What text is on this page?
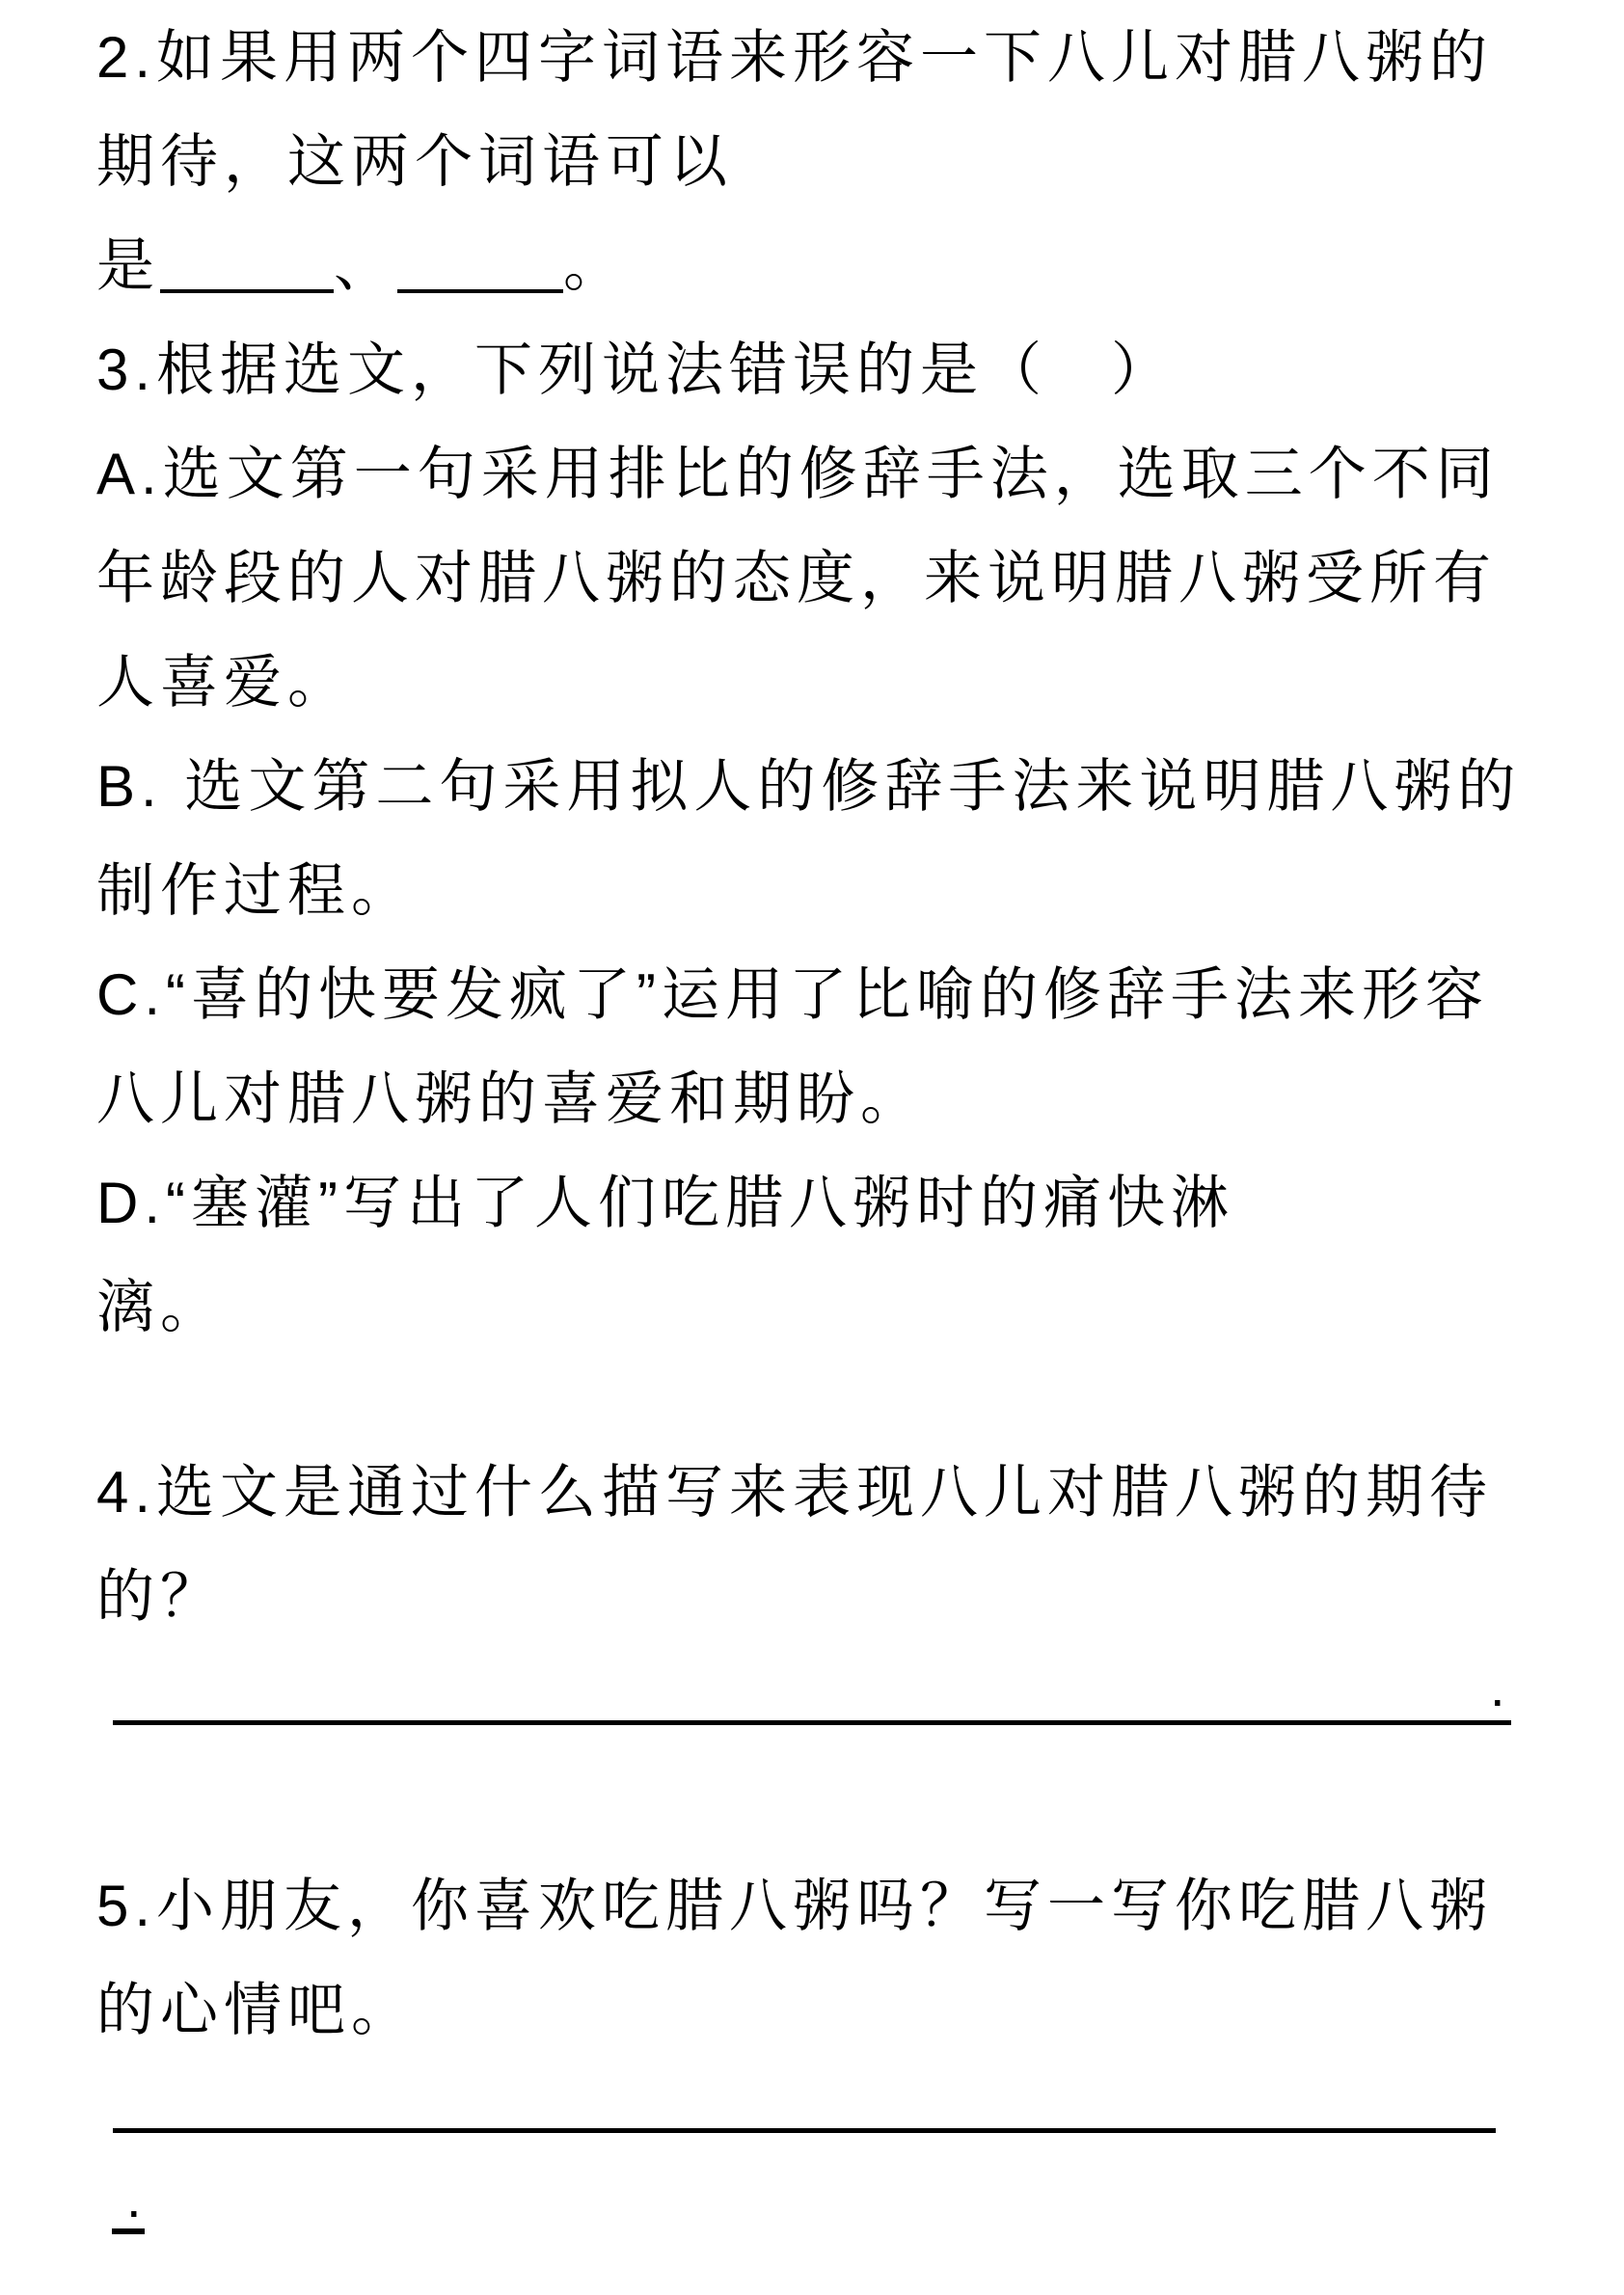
2.如果用两个四字词语来形容一下八儿对腊八粥的
期待，这两个词语可以
是	、	。
3.根据选文，下列说法错误的是（　）
A.选文第一句采用排比的修辞手法，选取三个不同
年龄段的人对腊八粥的态度，来说明腊八粥受所有
人喜爱。
B. 选文第二句采用拟人的修辞手法来说明腊八粥的
制作过程。
C.“喜的快要发疯了”运用了比喻的修辞手法来形容
八儿对腊八粥的喜爱和期盼。
D.“塞灌”写出了人们吃腊八粥时的痛快淋
漓。
4.选文是通过什么描写来表现八儿对腊八粥的期待
的？
.
5.小朋友，你喜欢吃腊八粥吗？写一写你吃腊八粥
的心情吧。
.
